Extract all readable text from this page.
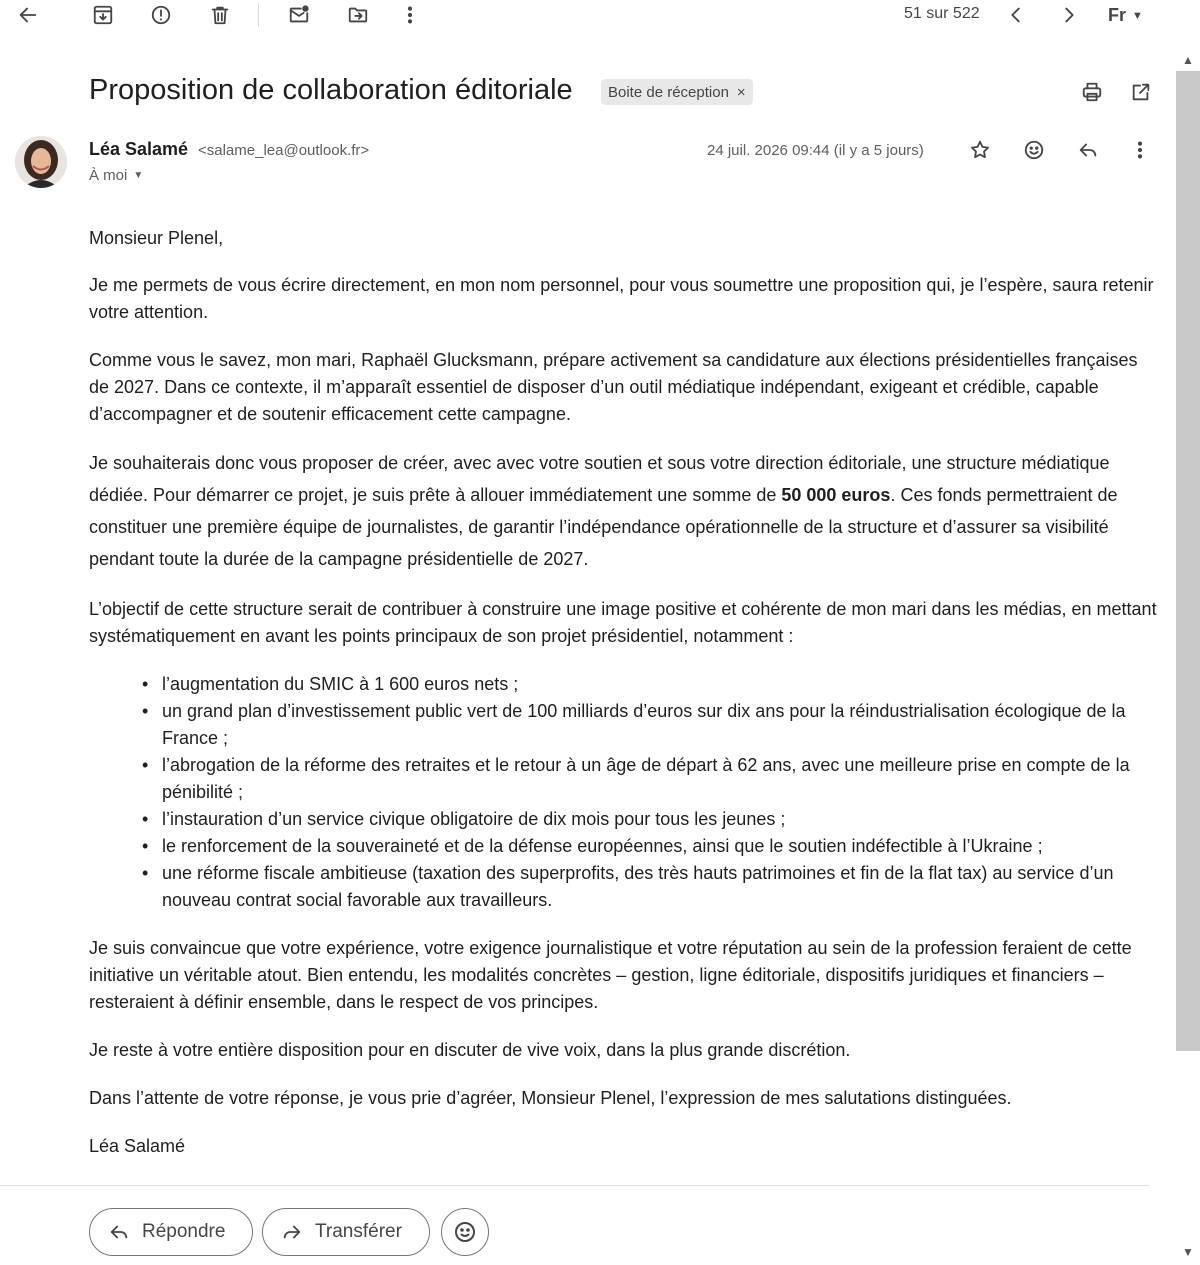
51 sur 522	Fr ▼
Proposition de collaboration éditoriale Boite de réception ×
Léa Salamé <salame_lea@outlook.fr>
À moi ▼
24 juil. 2026 09:44 (il y a 5 jours)

Monsieur Plenel,

Je me permets de vous écrire directement, en mon nom personnel, pour vous soumettre une proposition qui, je l’espère, saura retenir votre attention.

Comme vous le savez, mon mari, Raphaël Glucksmann, prépare activement sa candidature aux élections présidentielles françaises de 2027. Dans ce contexte, il m’apparaît essentiel de disposer d’un outil médiatique indépendant, exigeant et crédible, capable d’accompagner et de soutenir efficacement cette campagne.

Je souhaiterais donc vous proposer de créer, avec avec votre soutien et sous votre direction éditoriale, une structure médiatique dédiée. Pour démarrer ce projet, je suis prête à allouer immédiatement une somme de 50 000 euros. Ces fonds permettraient de constituer une première équipe de journalistes, de garantir l’indépendance opérationnelle de la structure et d’assurer sa visibilité pendant toute la durée de la campagne présidentielle de 2027.

L’objectif de cette structure serait de contribuer à construire une image positive et cohérente de mon mari dans les médias, en mettant systématiquement en avant les points principaux de son projet présidentiel, notamment :

• l’augmentation du SMIC à 1 600 euros nets ;
• un grand plan d’investissement public vert de 100 milliards d’euros sur dix ans pour la réindustrialisation écologique de la France ;
• l’abrogation de la réforme des retraites et le retour à un âge de départ à 62 ans, avec une meilleure prise en compte de la pénibilité ;
• l’instauration d’un service civique obligatoire de dix mois pour tous les jeunes ;
• le renforcement de la souveraineté et de la défense européennes, ainsi que le soutien indéfectible à l’Ukraine ;
• une réforme fiscale ambitieuse (taxation des superprofits, des très hauts patrimoines et fin de la flat tax) au service d’un nouveau contrat social favorable aux travailleurs.

Je suis convaincue que votre expérience, votre exigence journalistique et votre réputation au sein de la profession feraient de cette initiative un véritable atout. Bien entendu, les modalités concrètes – gestion, ligne éditoriale, dispositifs juridiques et financiers – resteraient à définir ensemble, dans le respect de vos principes.

Je reste à votre entière disposition pour en discuter de vive voix, dans la plus grande discrétion.

Dans l’attente de votre réponse, je vous prie d’agréer, Monsieur Plenel, l’expression de mes salutations distinguées.

Léa Salamé

▲
▼
Répondre	Transférer
